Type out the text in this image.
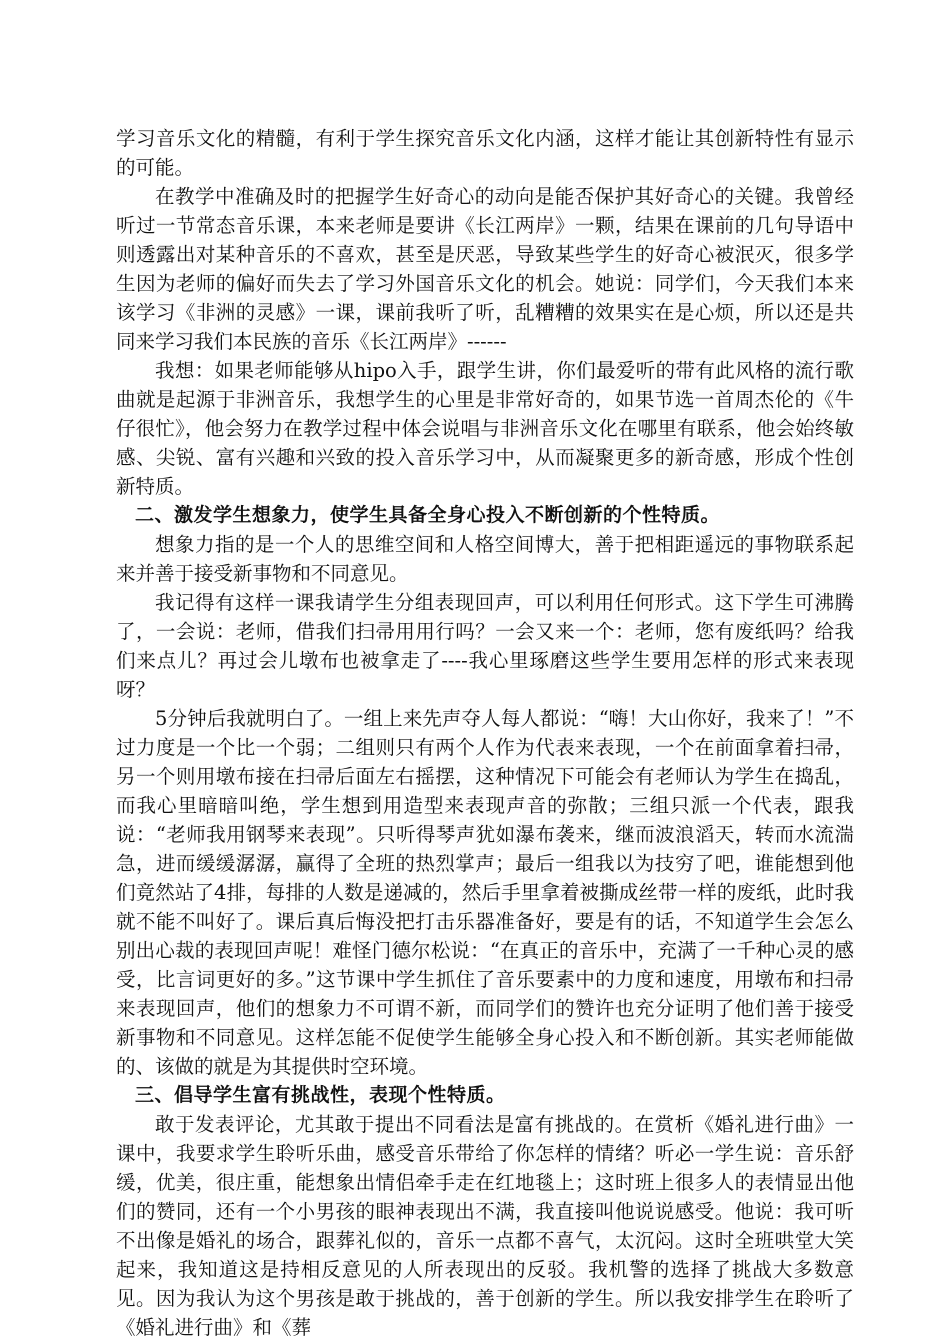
学习音乐文化的精髓，有利于学生探究音乐文化内涵，这样才能让其创新特性有显示的可能。

在教学中准确及时的把握学生好奇心的动向是能否保护其好奇心的关键。我曾经听过一节常态音乐课，本来老师是要讲《长江两岸》一颗，结果在课前的几句导语中则透露出对某种音乐的不喜欢，甚至是厌恶，导致某些学生的好奇心被泯灭，很多学生因为老师的偏好而失去了学习外国音乐文化的机会。她说：同学们，今天我们本来该学习《非洲的灵感》一课，课前我听了听，乱糟糟的效果实在是心烦，所以还是共同来学习我们本民族的音乐《长江两岸》------

我想：如果老师能够从hipo入手，跟学生讲，你们最爱听的带有此风格的流行歌曲就是起源于非洲音乐，我想学生的心里是非常好奇的，如果节选一首周杰伦的《牛仔很忙》，他会努力在教学过程中体会说唱与非洲音乐文化在哪里有联系，他会始终敏感、尖锐、富有兴趣和兴致的投入音乐学习中，从而凝聚更多的新奇感，形成个性创新特质。

二、激发学生想象力，使学生具备全身心投入不断创新的个性特质。

想象力指的是一个人的思维空间和人格空间博大，善于把相距遥远的事物联系起来并善于接受新事物和不同意见。

我记得有这样一课我请学生分组表现回声，可以利用任何形式。这下学生可沸腾了，一会说：老师，借我们扫帚用用行吗？一会又来一个：老师，您有废纸吗？给我们来点儿？再过会儿墩布也被拿走了----我心里琢磨这些学生要用怎样的形式来表现呀？

5分钟后我就明白了。一组上来先声夺人每人都说：“嗨！大山你好，我来了！”不过力度是一个比一个弱；二组则只有两个人作为代表来表现，一个在前面拿着扫帚，另一个则用墩布接在扫帚后面左右摇摆，这种情况下可能会有老师认为学生在捣乱，而我心里暗暗叫绝，学生想到用造型来表现声音的弥散；三组只派一个代表，跟我说：“老师我用钢琴来表现”。只听得琴声犹如瀑布袭来，继而波浪滔天，转而水流湍急，进而缓缓潺潺，赢得了全班的热烈掌声；最后一组我以为技穷了吧，谁能想到他们竟然站了4排，每排的人数是递减的，然后手里拿着被撕成丝带一样的废纸，此时我就不能不叫好了。课后真后悔没把打击乐器准备好，要是有的话，不知道学生会怎么别出心裁的表现回声呢！难怪门德尔松说：“在真正的音乐中，充满了一千种心灵的感受，比言词更好的多。”这节课中学生抓住了音乐要素中的力度和速度，用墩布和扫帚来表现回声，他们的想象力不可谓不新，而同学们的赞许也充分证明了他们善于接受新事物和不同意见。这样怎能不促使学生能够全身心投入和不断创新。其实老师能做的、该做的就是为其提供时空环境。

三、倡导学生富有挑战性，表现个性特质。

敢于发表评论，尤其敢于提出不同看法是富有挑战的。在赏析《婚礼进行曲》一课中，我要求学生聆听乐曲，感受音乐带给了你怎样的情绪？听必一学生说：音乐舒缓，优美，很庄重，能想象出情侣牵手走在红地毯上；这时班上很多人的表情显出他们的赞同，还有一个小男孩的眼神表现出不满，我直接叫他说说感受。他说：我可听不出像是婚礼的场合，跟葬礼似的，音乐一点都不喜气，太沉闷。这时全班哄堂大笑起来，我知道这是持相反意见的人所表现出的反驳。我机警的选择了挑战大多数意见。因为我认为这个男孩是敢于挑战的，善于创新的学生。所以我安排学生在聆听了《婚礼进行曲》和《葬
